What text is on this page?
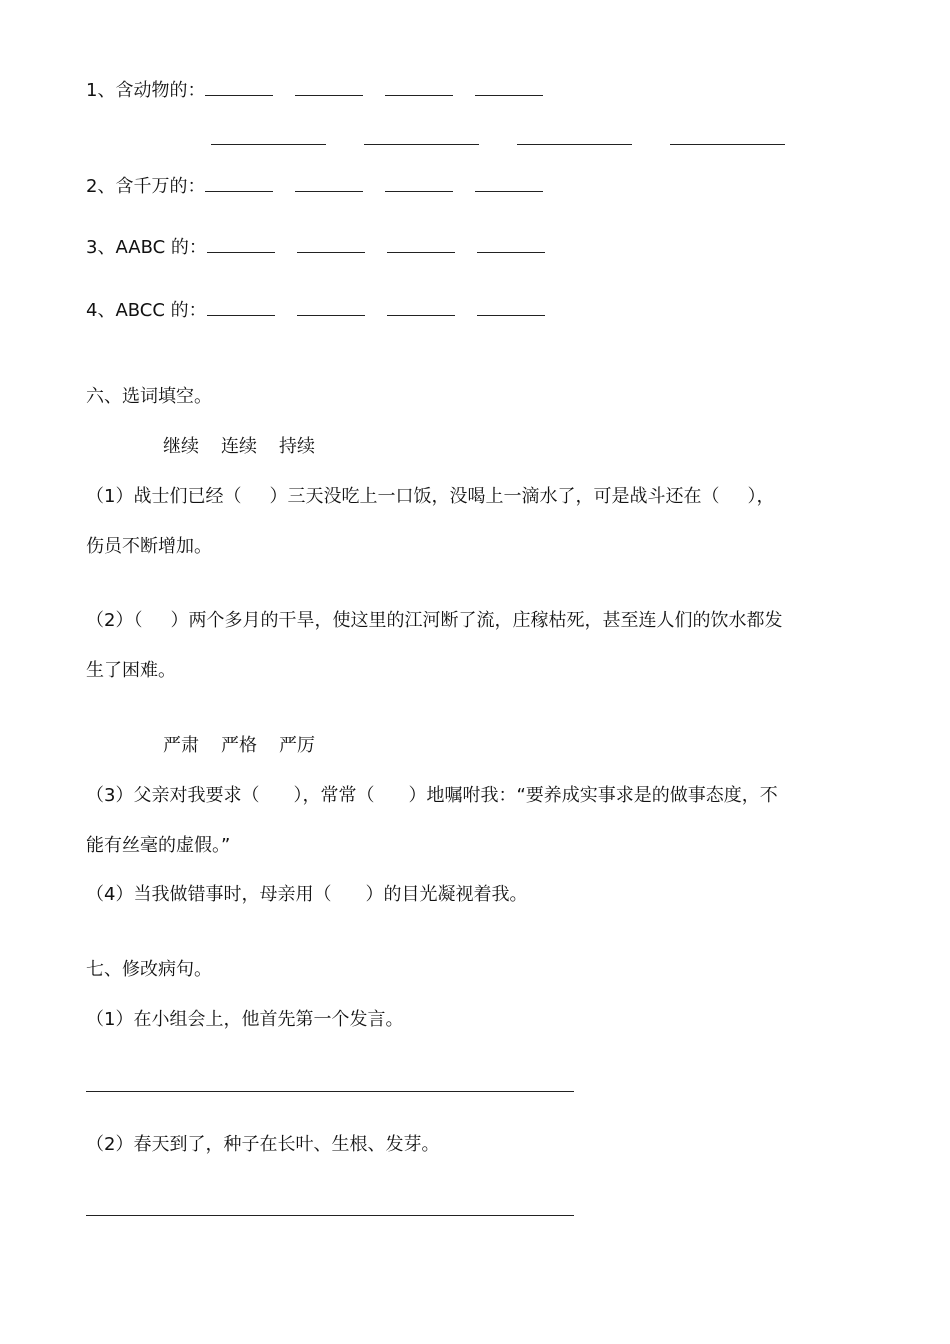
1、含动物的：
2、含千万的：
3、AABC 的：
4、ABCC 的：
六、选词填空。
继续 连续 持续
（1）战士们已经（ ）三天没吃上一口饭，没喝上一滴水了，可是战斗还在（ ），
伤员不断增加。
（2）（ ）两个多月的干旱，使这里的江河断了流，庄稼枯死，甚至连人们的饮水都发
生了困难。
严肃 严格 严厉
（3）父亲对我要求（ ），常常（ ）地嘱咐我：“要养成实事求是的做事态度，不
能有丝毫的虚假。”
（4）当我做错事时，母亲用（ ）的目光凝视着我。
七、修改病句。
（1）在小组会上，他首先第一个发言。
（2）春天到了，种子在长叶、生根、发芽。
